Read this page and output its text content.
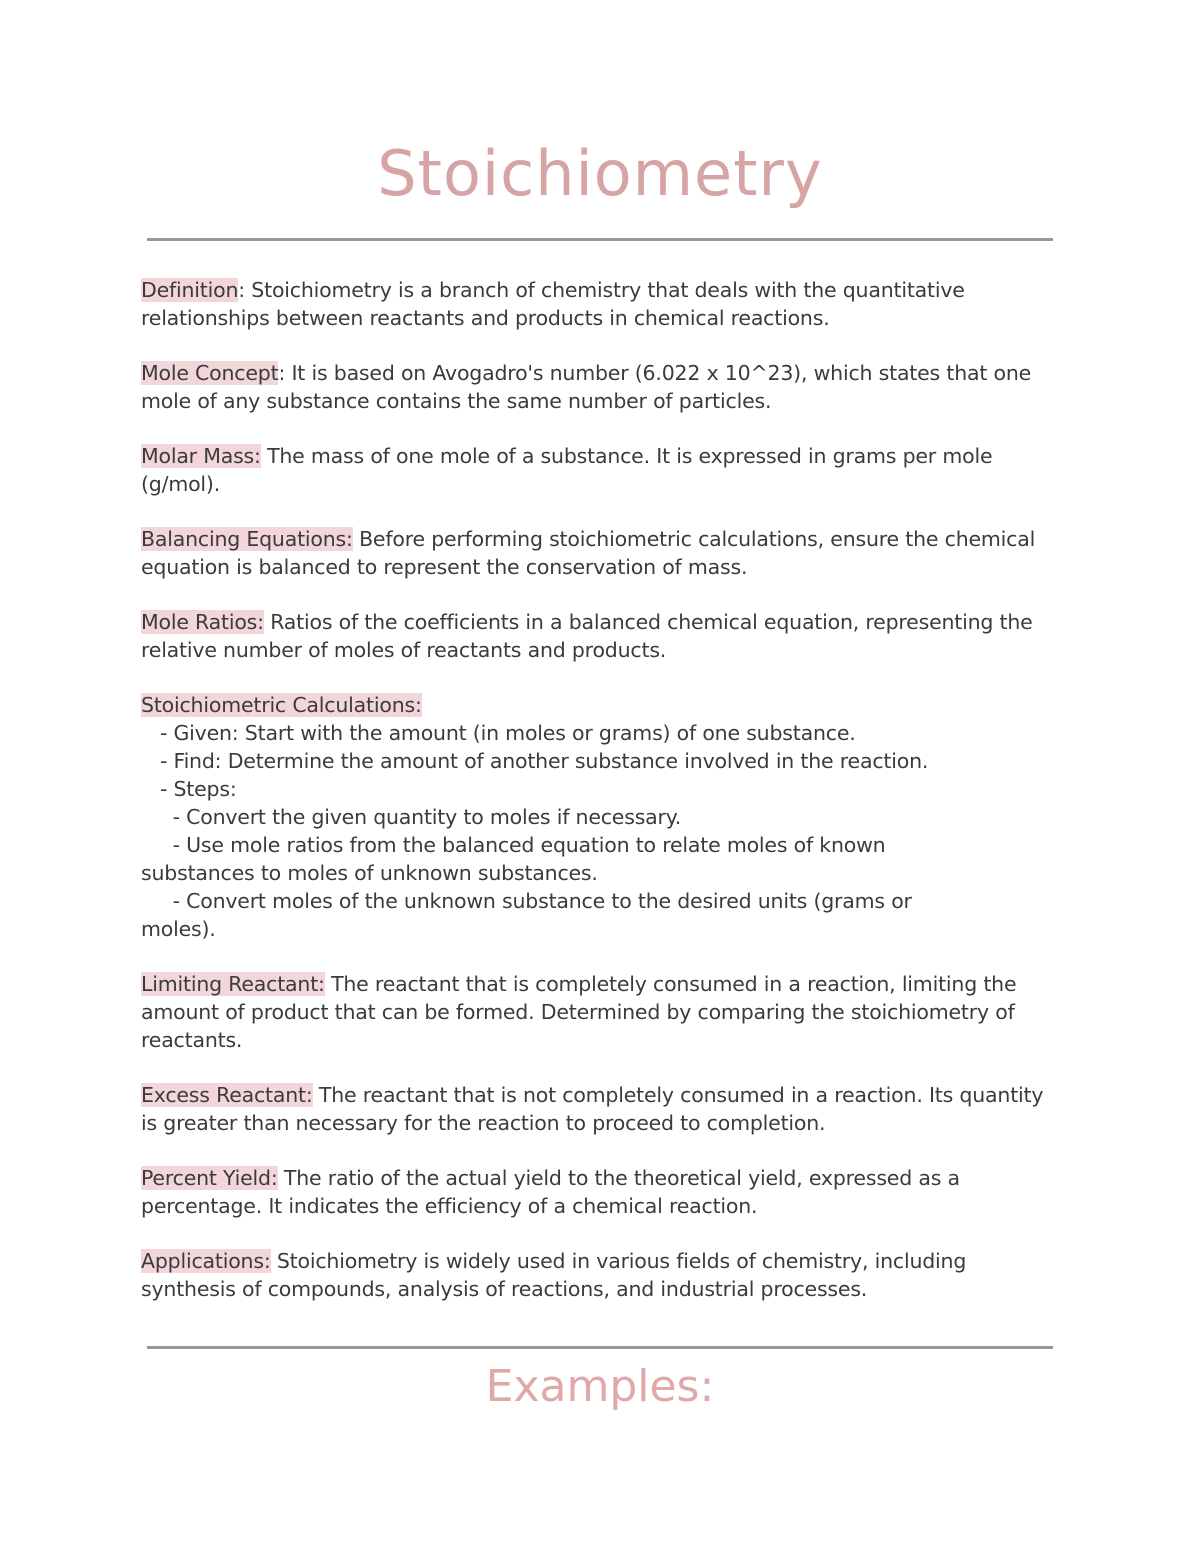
Stoichiometry

Definition: Stoichiometry is a branch of chemistry that deals with the quantitative relationships between reactants and products in chemical reactions.

Mole Concept: It is based on Avogadro's number (6.022 x 10^23), which states that one mole of any substance contains the same number of particles.

Molar Mass: The mass of one mole of a substance. It is expressed in grams per mole (g/mol).

Balancing Equations: Before performing stoichiometric calculations, ensure the chemical equation is balanced to represent the conservation of mass.

Mole Ratios: Ratios of the coefficients in a balanced chemical equation, representing the relative number of moles of reactants and products.

Stoichiometric Calculations:
- Given: Start with the amount (in moles or grams) of one substance.
- Find: Determine the amount of another substance involved in the reaction.
- Steps:
- Convert the given quantity to moles if necessary.
- Use mole ratios from the balanced equation to relate moles of known
substances to moles of unknown substances.
- Convert moles of the unknown substance to the desired units (grams or
moles).

Limiting Reactant: The reactant that is completely consumed in a reaction, limiting the amount of product that can be formed. Determined by comparing the stoichiometry of reactants.

Excess Reactant: The reactant that is not completely consumed in a reaction. Its quantity is greater than necessary for the reaction to proceed to completion.

Percent Yield: The ratio of the actual yield to the theoretical yield, expressed as a percentage. It indicates the efficiency of a chemical reaction.

Applications: Stoichiometry is widely used in various fields of chemistry, including synthesis of compounds, analysis of reactions, and industrial processes.

Examples:
